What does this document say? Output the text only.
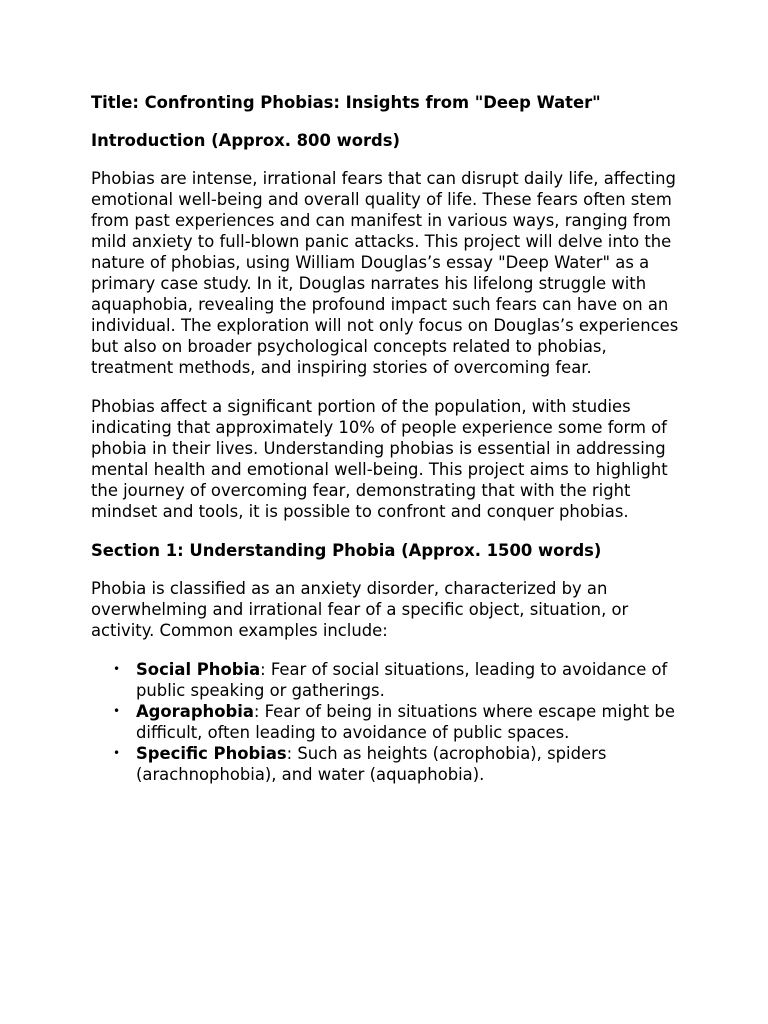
Title: Confronting Phobias: Insights from "Deep Water"
Introduction (Approx. 800 words)

Phobias are intense, irrational fears that can disrupt daily life, affecting emotional well-being and overall quality of life. These fears often stem from past experiences and can manifest in various ways, ranging from mild anxiety to full-blown panic attacks. This project will delve into the nature of phobias, using William Douglas’s essay "Deep Water" as a primary case study. In it, Douglas narrates his lifelong struggle with aquaphobia, revealing the profound impact such fears can have on an individual. The exploration will not only focus on Douglas’s experiences but also on broader psychological concepts related to phobias, treatment methods, and inspiring stories of overcoming fear.

Phobias affect a significant portion of the population, with studies indicating that approximately 10% of people experience some form of phobia in their lives. Understanding phobias is essential in addressing mental health and emotional well-being. This project aims to highlight the journey of overcoming fear, demonstrating that with the right mindset and tools, it is possible to confront and conquer phobias.

Section 1: Understanding Phobia (Approx. 1500 words)

Phobia is classified as an anxiety disorder, characterized by an overwhelming and irrational fear of a specific object, situation, or activity. Common examples include:

• Social Phobia: Fear of social situations, leading to avoidance of public speaking or gatherings.
• Agoraphobia: Fear of being in situations where escape might be difficult, often leading to avoidance of public spaces.
• Specific Phobias: Such as heights (acrophobia), spiders (arachnophobia), and water (aquaphobia).
